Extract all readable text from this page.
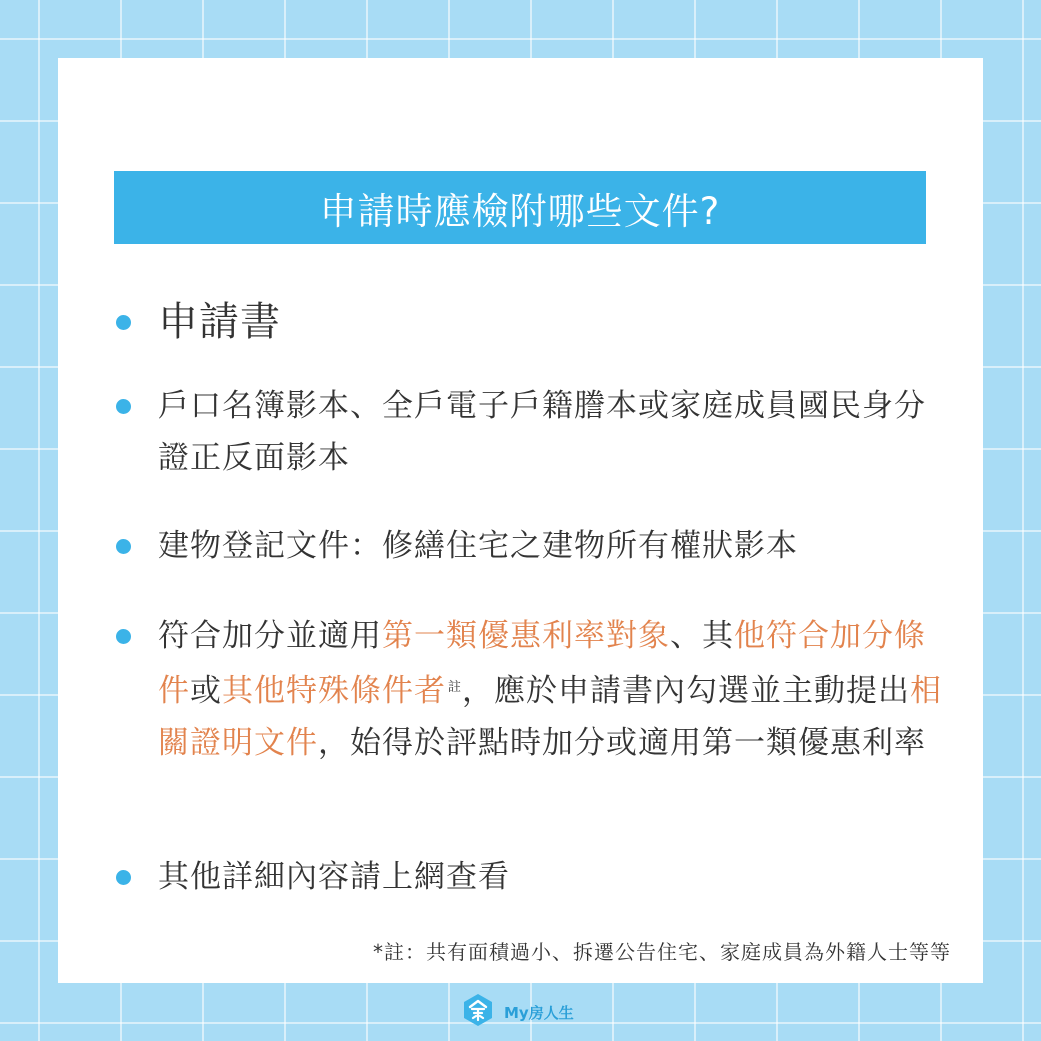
申請時應檢附哪些文件?
申請書
戶口名簿影本、全戶電子戶籍謄本或家庭成員國民身分證正反面影本
建物登記文件：修繕住宅之建物所有權狀影本
符合加分並適用第一類優惠利率對象、其他符合加分條件或其他特殊條件者 $^註$，應於申請書內勾選並主動提出相關證明文件，始得於評點時加分或適用第一類優惠利率
其他詳細內容請上網查看
*註：共有面積過小、拆遷公告住宅、家庭成員為外籍人士等等
My房人生
